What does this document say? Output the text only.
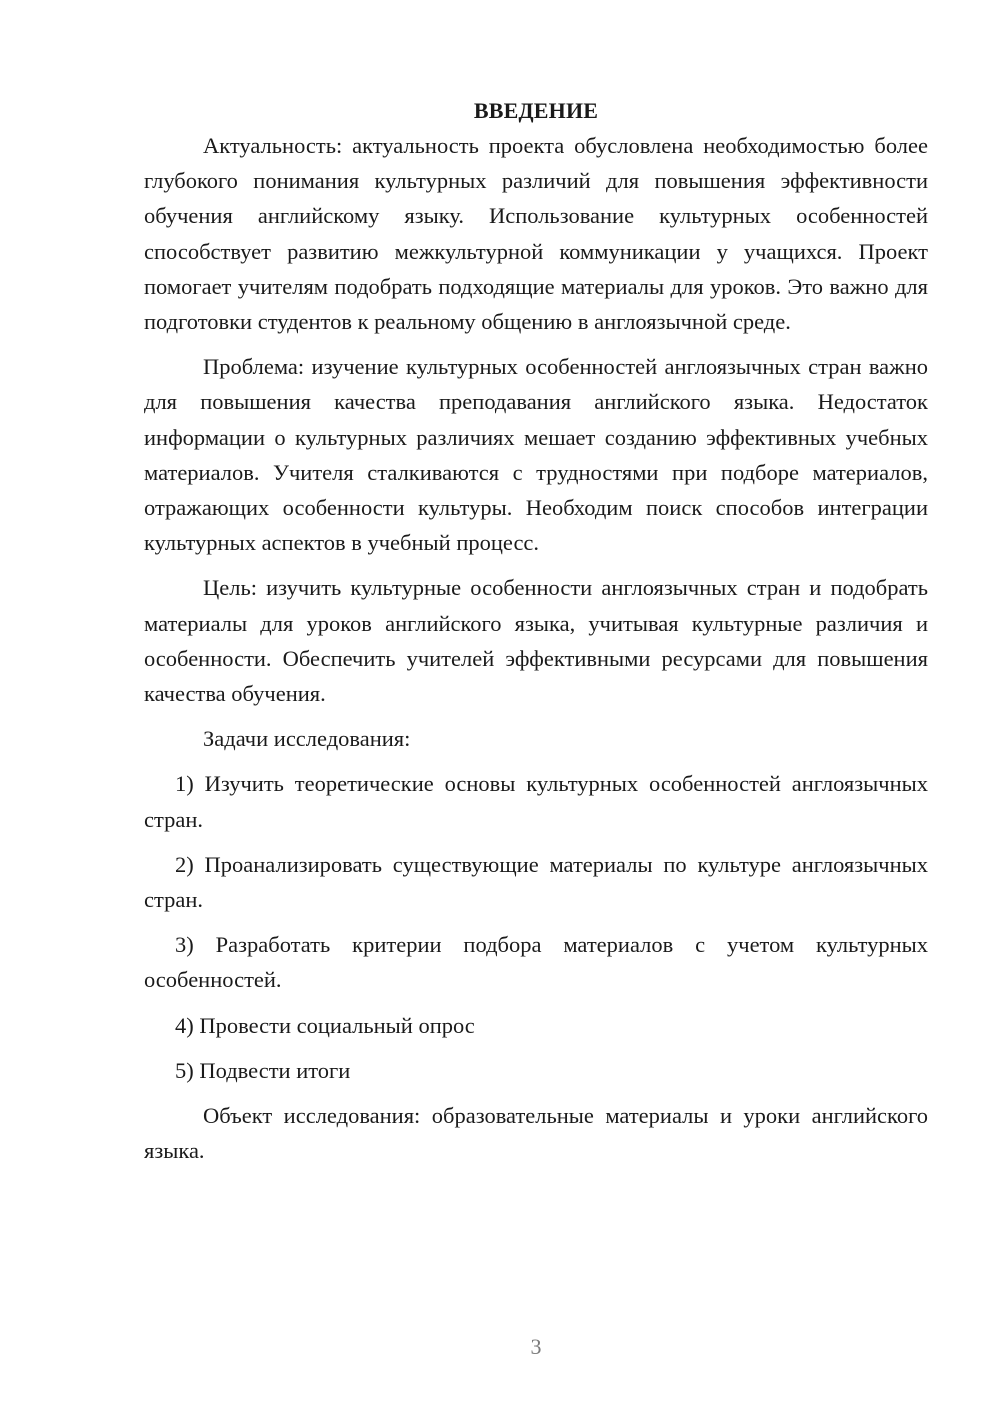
ВВЕДЕНИЕ

Актуальность: актуальность проекта обусловлена необходимостью более глубокого понимания культурных различий для повышения эффективности обучения английскому языку. Использование культурных особенностей способствует развитию межкультурной коммуникации у учащихся. Проект помогает учителям подобрать подходящие материалы для уроков. Это важно для подготовки студентов к реальному общению в англоязычной среде.

Проблема: изучение культурных особенностей англоязычных стран важно для повышения качества преподавания английского языка. Недостаток информации о культурных различиях мешает созданию эффективных учебных материалов. Учителя сталкиваются с трудностями при подборе материалов, отражающих особенности культуры. Необходим поиск способов интеграции культурных аспектов в учебный процесс.

Цель: изучить культурные особенности англоязычных стран и подобрать материалы для уроков английского языка, учитывая культурные различия и особенности. Обеспечить учителей эффективными ресурсами для повышения качества обучения.

Задачи исследования:

1) Изучить теоретические основы культурных особенностей англоязычных стран.

2) Проанализировать существующие материалы по культуре англоязычных стран.

3) Разработать критерии подбора материалов с учетом культурных особенностей.

4) Провести социальный опрос

5) Подвести итоги

Объект исследования: образовательные материалы и уроки английского языка.

3
